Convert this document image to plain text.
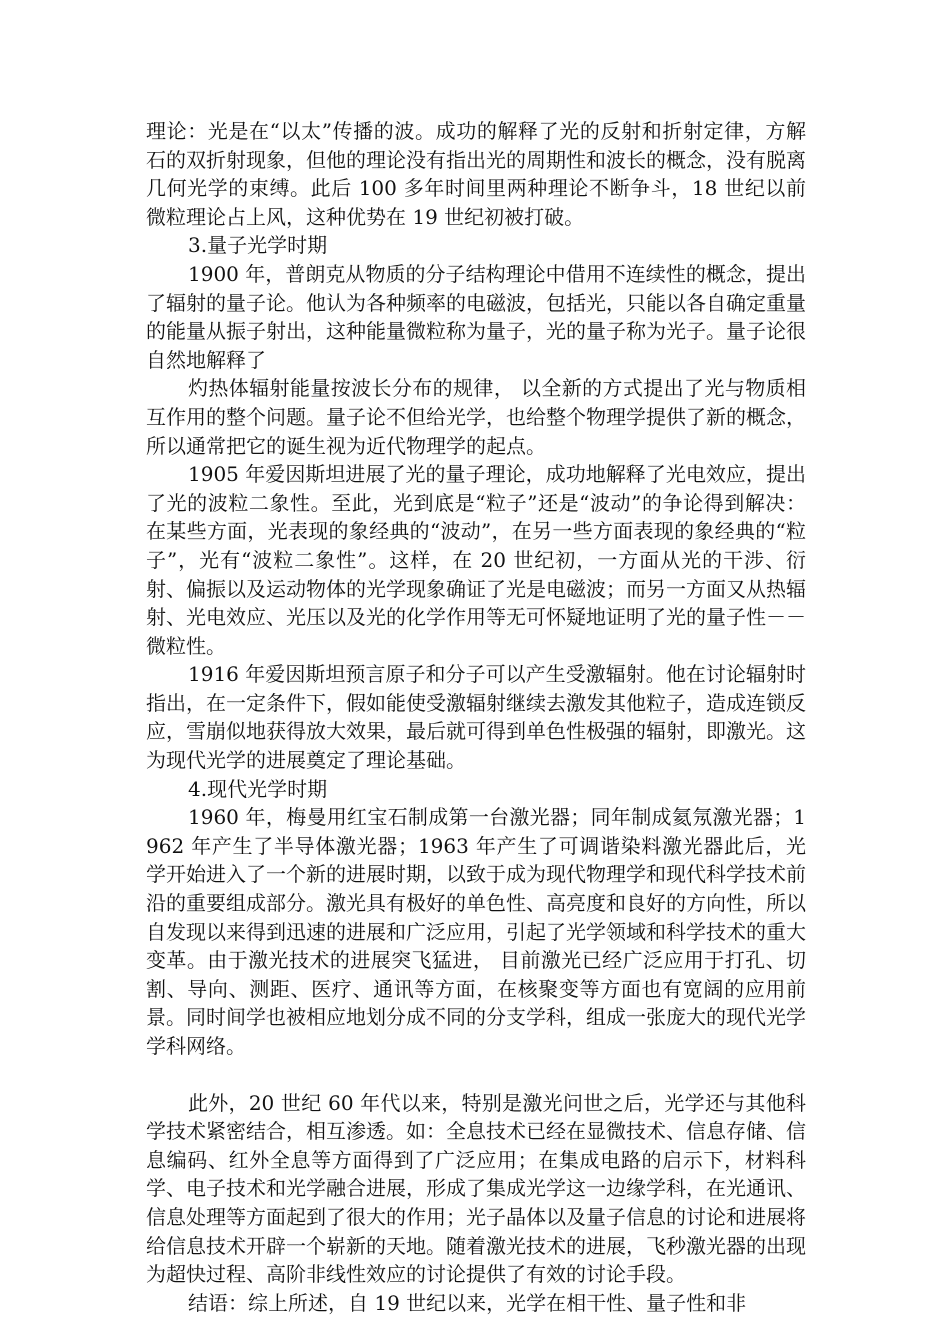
理论：光是在“以太”传播的波。成功的解释了光的反射和折射定律，方解石的双折射现象，但他的理论没有指出光的周期性和波长的概念，没有脱离几何光学的束缚。此后 100 多年时间里两种理论不断争斗，18 世纪以前微粒理论占上风，这种优势在 19 世纪初被打破。

3.量子光学时期

1900 年，普朗克从物质的分子结构理论中借用不连续性的概念，提出了辐射的量子论。他认为各种频率的电磁波，包括光，只能以各自确定重量的能量从振子射出，这种能量微粒称为量子，光的量子称为光子。量子论很自然地解释了

灼热体辐射能量按波长分布的规律， 以全新的方式提出了光与物质相互作用的整个问题。量子论不但给光学，也给整个物理学提供了新的概念，所以通常把它的诞生视为近代物理学的起点。

1905 年爱因斯坦进展了光的量子理论，成功地解释了光电效应，提出了光的波粒二象性。至此，光到底是“粒子”还是“波动”的争论得到解决：在某些方面，光表现的象经典的“波动”，在另一些方面表现的象经典的“粒子”，光有“波粒二象性”。这样，在 20 世纪初，一方面从光的干涉、衍射、偏振以及运动物体的光学现象确证了光是电磁波；而另一方面又从热辐射、光电效应、光压以及光的化学作用等无可怀疑地证明了光的量子性－－微粒性。

1916 年爱因斯坦预言原子和分子可以产生受激辐射。他在讨论辐射时指出，在一定条件下，假如能使受激辐射继续去激发其他粒子，造成连锁反应，雪崩似地获得放大效果，最后就可得到单色性极强的辐射，即激光。这为现代光学的进展奠定了理论基础。

4.现代光学时期

1960 年，梅曼用红宝石制成第一台激光器；同年制成氦氖激光器；1962 年产生了半导体激光器；1963 年产生了可调谐染料激光器此后，光学开始进入了一个新的进展时期，以致于成为现代物理学和现代科学技术前沿的重要组成部分。激光具有极好的单色性、高亮度和良好的方向性，所以自发现以来得到迅速的进展和广泛应用，引起了光学领域和科学技术的重大变革。由于激光技术的进展突飞猛进， 目前激光已经广泛应用于打孔、切割、导向、测距、医疗、通讯等方面，在核聚变等方面也有宽阔的应用前景。同时间学也被相应地划分成不同的分支学科，组成一张庞大的现代光学学科网络。

此外，20 世纪 60 年代以来，特别是激光问世之后，光学还与其他科学技术紧密结合，相互渗透。如：全息技术已经在显微技术、信息存储、信息编码、红外全息等方面得到了广泛应用；在集成电路的启示下，材料科学、电子技术和光学融合进展，形成了集成光学这一边缘学科，在光通讯、信息处理等方面起到了很大的作用；光子晶体以及量子信息的讨论和进展将给信息技术开辟一个崭新的天地。随着激光技术的进展，飞秒激光器的出现为超快过程、高阶非线性效应的讨论提供了有效的讨论手段。

结语：综上所述，自 19 世纪以来，光学在相干性、量子性和非
